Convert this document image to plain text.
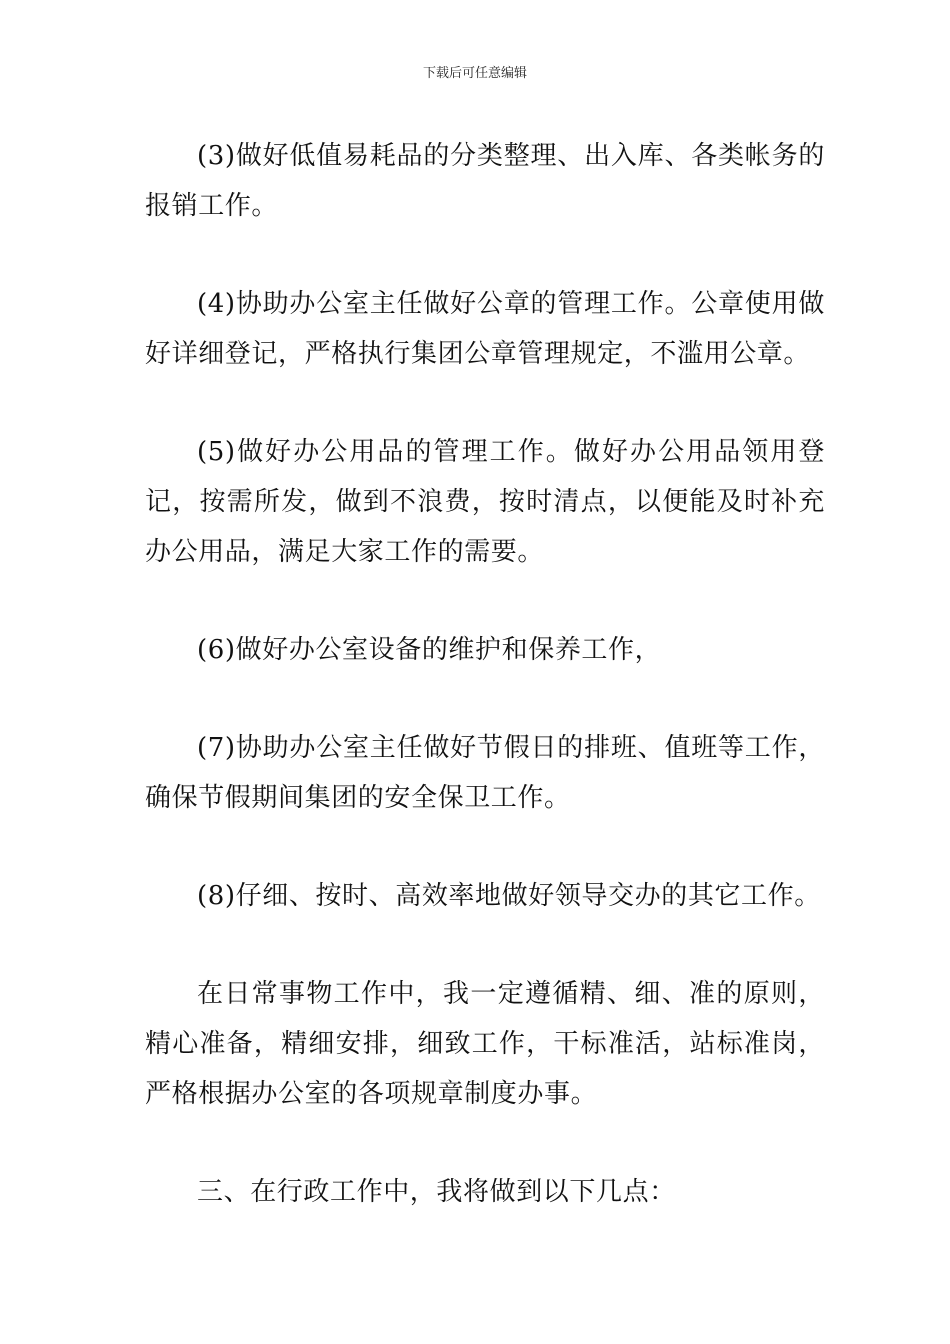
下载后可任意编辑

(3)做好低值易耗品的分类整理、出入库、各类帐务的报销工作。

(4)协助办公室主任做好公章的管理工作。公章使用做好详细登记，严格执行集团公章管理规定，不滥用公章。

(5)做好办公用品的管理工作。做好办公用品领用登记，按需所发，做到不浪费，按时清点，以便能及时补充办公用品，满足大家工作的需要。

(6)做好办公室设备的维护和保养工作，

(7)协助办公室主任做好节假日的排班、值班等工作，确保节假期间集团的安全保卫工作。

(8)仔细、按时、高效率地做好领导交办的其它工作。

在日常事物工作中，我一定遵循精、细、准的原则，精心准备，精细安排，细致工作，干标准活，站标准岗，严格根据办公室的各项规章制度办事。

三、在行政工作中，我将做到以下几点：
